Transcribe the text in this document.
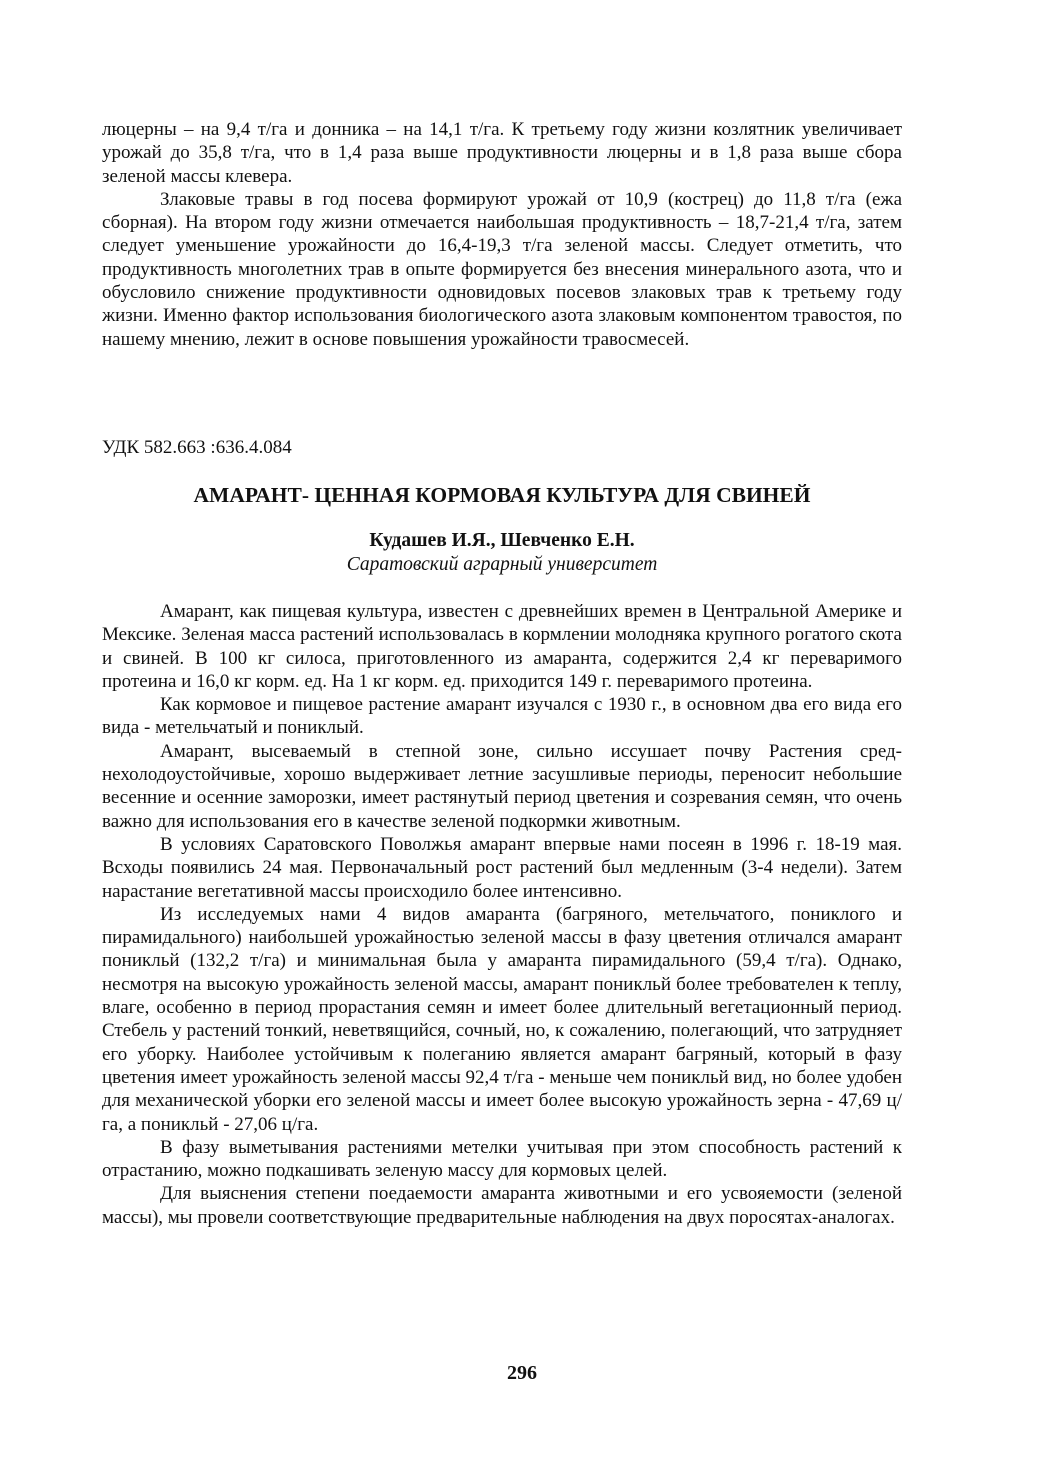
люцерны – на 9,4 т/га и донника – на 14,1 т/га. К третьему году жизни козлятник увеличивает урожай до 35,8 т/га, что в 1,4 раза выше продуктивности люцерны и в 1,8 раза выше сбора зеленой массы клевера.

Злаковые травы в год посева формируют урожай от 10,9 (кострец) до 11,8 т/га (ежа сборная). На втором году жизни отмечается наибольшая продуктивность – 18,7-21,4 т/га, затем следует уменьшение урожайности до 16,4-19,3 т/га зеленой массы. Следует отметить, что продуктивность многолетних трав в опыте формируется без внесения минерального азота, что и обусловило снижение продуктивности одновидовых посевов злаковых трав к третьему году жизни. Именно фактор использования биологического азота злаковым компонентом травостоя, по нашему мнению, лежит в основе повышения урожайности травосмесей.

УДК 582.663 :636.4.084

АМАРАНТ- ЦЕННАЯ КОРМОВАЯ КУЛЬТУРА ДЛЯ СВИНЕЙ

Кудашев И.Я., Шевченко Е.Н.

Саратовский аграрный университет

Амарант, как пищевая культура, известен с древнейших времен в Центральной Америке и Мексике. Зеленая масса растений использовалась в кормлении молодняка крупного рогатого скота и свиней. В 100 кг силоса, приготовленного из амаранта, содержится 2,4 кг переваримого протеина и 16,0 кг корм. ед. На 1 кг корм. ед. приходится 149 г. переваримого протеина.

Как кормовое и пищевое растение амарант изучался с 1930 г., в основном два его вида его вида - метельчатый и пониклый.

Амарант, высеваемый в степной зоне, сильно иссушает почву Растения среднехолодоустойчивые, хорошо выдерживает летние засушливые периоды, переносит небольшие весенние и осенние заморозки, имеет растянутый период цветения и созревания семян, что очень важно для использования его в качестве зеленой подкормки животным.

В условиях Саратовского Поволжья амарант впервые нами посеян в 1996 г. 18-19 мая. Всходы появились 24 мая. Первоначальный рост растений был медленным (3-4 недели). Затем нарастание вегетативной массы происходило более интенсивно.

Из исследуемых нами 4 видов амаранта (багряного, метельчатого, пониклого и пирамидального) наибольшей урожайностью зеленой массы в фазу цветения отличался амарант поникльй (132,2 т/га) и минимальная была у амаранта пирамидального (59,4 т/га). Однако, несмотря на высокую урожайность зеленой массы, амарант поникльй более требователен к теплу, влаге, особенно в период прорастания семян и имеет более длительный вегетационный период. Стебель у растений тонкий, неветвящийся, сочный, но, к сожалению, полегающий, что затрудняет его уборку. Наиболее устойчивым к полеганию является амарант багряный, который в фазу цветения имеет урожайность зеленой массы 92,4 т/га - меньше чем поникльй вид, но более удобен для механической уборки его зеленой массы и имеет более высокую урожайность зерна - 47,69 ц/га, а поникльй - 27,06 ц/га.

В фазу выметывания растениями метелки учитывая при этом способность растений к отрастанию, можно подкашивать зеленую массу для кормовых целей.

Для выяснения степени поедаемости амаранта животными и его усвояемости (зеленой массы), мы провели соответствующие предварительные наблюдения на двух поросятах-аналогах.

296
